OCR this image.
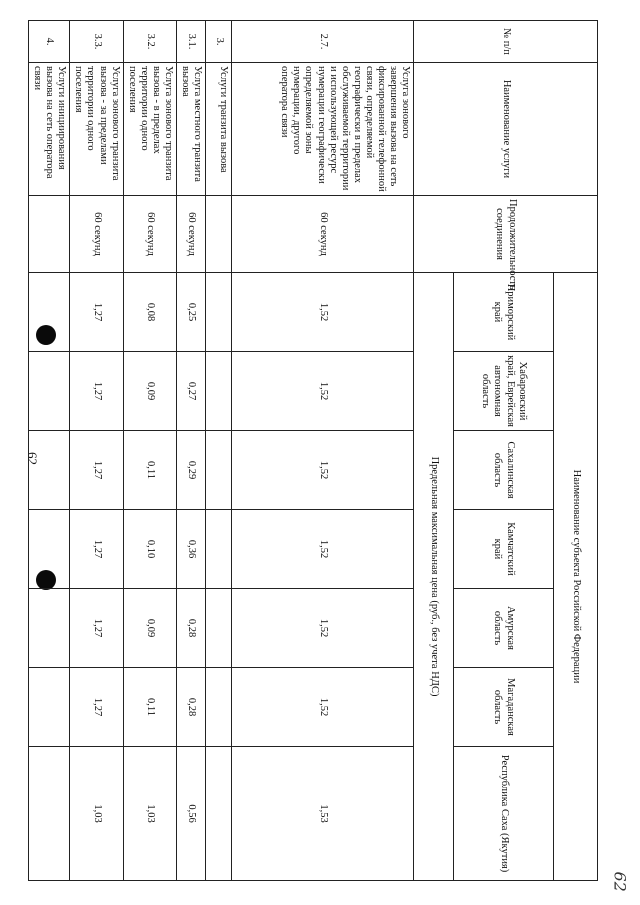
62
62
№ п/п	Наименование услуги	Продолжительность соединения	Наименование субъекта Российской Федерации						
			Приморский край	Хабаровский край, Еврейская автономная область	Сахалинская область	Камчатский край	Амурская область	Магаданская область	Республика Саха (Якутия)
			Предельная максимальная цена (руб., без учета НДС)						
2.7.	Услуга зонового завершения вызова на сеть фиксированной телефонной связи, определяемой географически в пределах обслуживаемой территории и использующей ресурс нумерации географически определяемой зоны нумерации, другого оператора связи	60 секунд	1,52	1,52	1,52	1,52	1,52	1,52	1,53
3.	Услуги транзита вызова								
3.1.	Услуга местного транзита вызова	60 секунд	0,25	0,27	0,29	0,36	0,28	0,28	0,56
3.2.	Услуга зонового транзита вызова - в пределах территории одного поселения	60 секунд	0,08	0,09	0,11	0,10	0,09	0,11	1,03
3.3.	Услуга зонового транзита вызова - за пределами территории одного поселения	60 секунд	1,27	1,27	1,27	1,27	1,27	1,27	1,03
4.	Услуги инициирования вызова на сеть оператора связи								
